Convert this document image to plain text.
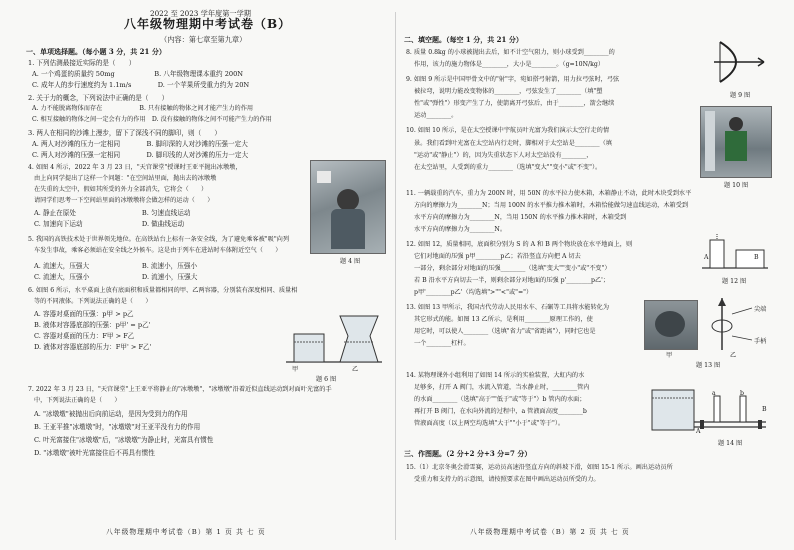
2022 至 2023 学年度第一学期
八年级物理期中考试卷（B）
（内容：第七章至第九章）
一、单项选择题。（每小题 3 分，共 21 分）
1. 下列估测最接近实际的是（　　）
A. 一个鸡蛋的质量约 50mg　　　　　　B. 八年级物理课本重约 200N
C. 成年人的步行速度约为 1.1m/s　　　　D. 一个苹果所受重力约为 20N
2. 关于力的概念，下列说法中正确的是（　　）
A. 力不能脱离物体而存在　　　　　　B. 只有接触的物体之间才能产生力的作用
C. 相互接触的物体之间一定会有力的作用　D. 没有接触的物体之间不可能产生力的作用
3. 两人在相同的沙滩上漫步，留下了深浅不同的脚印，则（　　）
A. 两人对沙滩的压力一定相同　　　　B. 脚印深的人对沙滩的压强一定大
C. 两人对沙滩的压强一定相同　　　　D. 脚印浅的人对沙滩的压力一定大
4. 如图 4 所示，2022 年 3 月 23 日，"天宫课堂"授课时王亚平抛出冰墩墩，
由上向同学提出了这样一个问题："在空间站里面，抛出去的冰墩墩
在失重的太空中，假如其所受的外力全部消失，它将会（　　）
请同学们思考一下空间站里面的冰墩墩将会做怎样的运动（　　）
A. 静止在原处　　　　　　　　　　B. 匀速直线运动
C. 加速向下运动　　　　　　　　　D. 做曲线运动
题 4 图
5. 我国的高铁技术处于世界领先地位。在高铁站台上标有一条安全线，为了避免乘客被"吸"向列
车发生事故，乘客必须站在安全线之外候车。这是由于列车在进站时车体附近空气（　　）
A. 流速大，压强大　　　　　　　　B. 流速小，压强小
C. 流速大，压强小　　　　　　　　D. 流速小，压强大
6. 如图 6 所示，水平桌面上放有底面积和质量都相同的甲、乙两容器，分别装有深度相同、质量相
等的不同液体。下列说法正确的是（　　）
A. 容器对桌面的压强：p甲 > p乙
B. 液体对容器底部的压强：p甲' = p乙'
C. 容器对桌面的压力：F甲 > F乙
D. 液体对容器底部的压力：F甲' > F乙'
甲	乙
题 6 图
7. 2022 年 3 月 23 日，"天宫课堂"上王亚平将静止的"冰墩墩"，"冰墩墩"沿着近似直线运动到对面叶光富的手
中，下列说法正确的是（　　）
A. "冰墩墩"被抛出后向前运动，是因为受到力的作用
B. 王亚平推"冰墩墩"时，"冰墩墩"对王亚平没有力的作用
C. 叶光富接住"冰墩墩"后，"冰墩墩"为静止时，光富具有惯性
D. "冰墩墩"被叶光富接住后不再具有惯性
八年级物理期中考试卷（B）第 1 页 共 七 页
二、填空题。（每空 1 分，共 21 分）
8. 质量 0.8kg 的小球被抛出去后，如不计空气阻力，则小球受到________的
作用，该力的施力物体是________，大小是________。（g=10N/kg）
9. 如图 9 所示是中国甲骨文中的"射"字，宛如搭弓射箭，用力拉弓弦时，弓弦
被拉弯，说明力能改变物体的________，弓弦发生了________（填"塑
性"或"弹性"）形变产生了力，使箭离开弓弦后，由于________，箭会继续
运动________。
题 9 图
10. 如图 10 所示，是在太空授课中宇航员叶光富为我们演示太空行走的情
景。我们看到叶光富在太空站内行走时，脚相对于太空站是________（填
"运动"或"静止"）的，因为失重状态下人对太空站没有________，
在太空站里，人受到的重力________（选填"变大""变小"或"不变"）。
题 10 图
11. 一辆载重的汽车，重力为 200N 时，用 50N 的水平拉力使木箱，木箱静止不动，此时木块受到水平
方向的摩擦力为________N；当用 100N 的水平推力推木箱时，木箱恰能做匀速直线运动，木箱受到
水平方向的摩擦力为________N，当用 150N 的水平推力推木箱时，木箱受到
水平方向的摩擦力为________N。
12. 如图 12，质量相同，底面积分别为 S 的 A 和 B 两个物块放在水平地面上，则
它们对地面的压强 p甲________p乙；若沿竖直方向把 A 切去
一部分，剩余部分对地面的压强________（选填"变大""变小"或"不变"）
若 B 沿水平方向切去一半，则剩余部分对地面的压强 p'________p乙'；
p甲'________p乙'（均选填">""<"或"="）
A	B
题 12 图
13. 如图 13 甲所示，我国古代劳动人民用水车、石碾等工具将水能转化为
其它形式的能。如图 13 乙所示，是利用________原理工作的，使
用它时，可以使人________（选填"省力"或"省距离"），同时它也是
一个________杠杆。
尖端
手柄
甲	乙
题 13 图
14. 某物理课外小组利用了如图 14 所示的实验装置，大虹内的水
足够多，打开 A 阀门，水流入管道，当水静止时，________管内
的水面________（选填"高于""低于"或"等于"）b 管内的水面；
再打开 B 阀门，在水向外流的过程中，a 管液面高度________b
管液面高度（以上两空均选填"大于""小于"或"等于"）。
A
B
a	b
题 14 图
三、作图题。（2 分+2 分+3 分=7 分）
15.（1）北京冬奥会滑雪赛，运动员高速沿竖直方向的斜坡下滑，如图 15-1 所示。画出运动员所
受重力和支持力的示意图，请按照要求在图中画出运动员所受的力。
八年级物理期中考试卷（B）第 2 页 共 七 页
